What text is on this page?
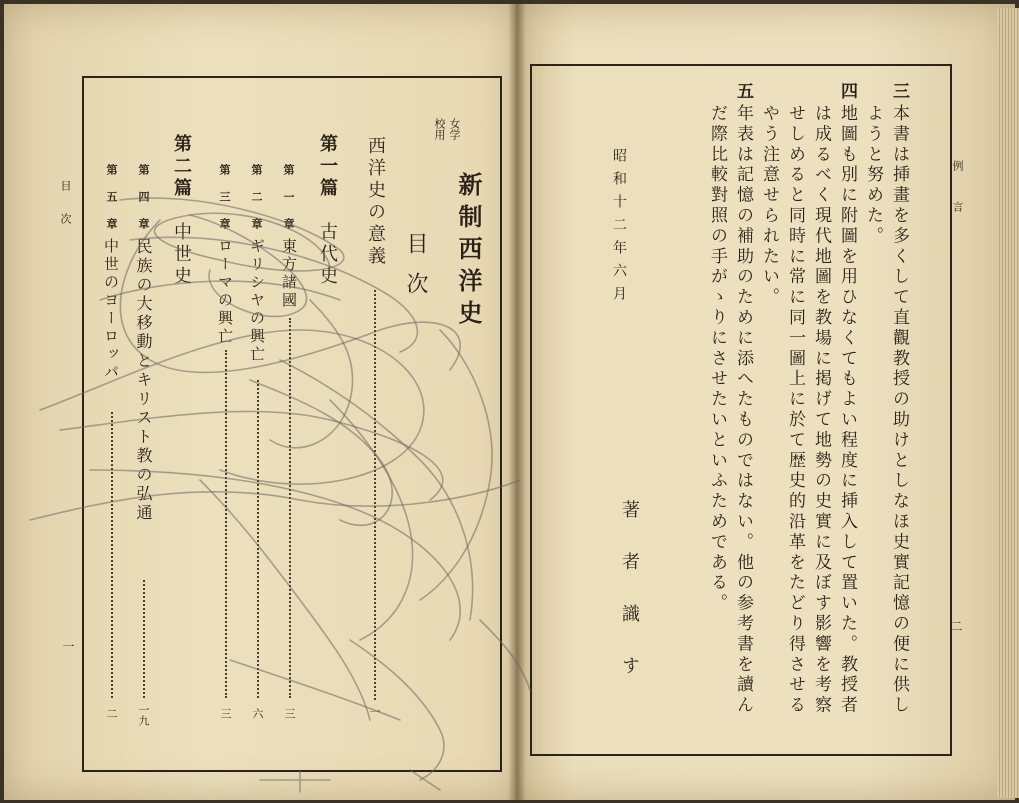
目次
一
女学
校用
新制西洋史
目次
西洋史の意義
一
第一篇
古代史
第一章
東方諸國
三
第二章
ギリシヤの興亡
六
第三章
ローマの興亡
三
第二篇
中世史
第四章
民族の大移動とキリスト教の弘通
一九
第五章
中世のヨーロッパ
二
例言
二
三
本書は挿畫を多くして直觀教授の助けとしなほ史實記憶の便に供し
ようと努めた。
四
地圖も別に附圖を用ひなくてもよい程度に挿入して置いた。教授者
は成るべく現代地圖を教場に掲げて地勢の史實に及ぼす影響を考察
せしめると同時に常に同一圖上に於て歴史的沿革をたどり得させる
やう注意せられたい。
五
年表は記憶の補助のために添へたものではない。他の参考書を讀ん
だ際比較對照の手がゝりにさせたいといふためである。
昭和十二年六月
著者識す
